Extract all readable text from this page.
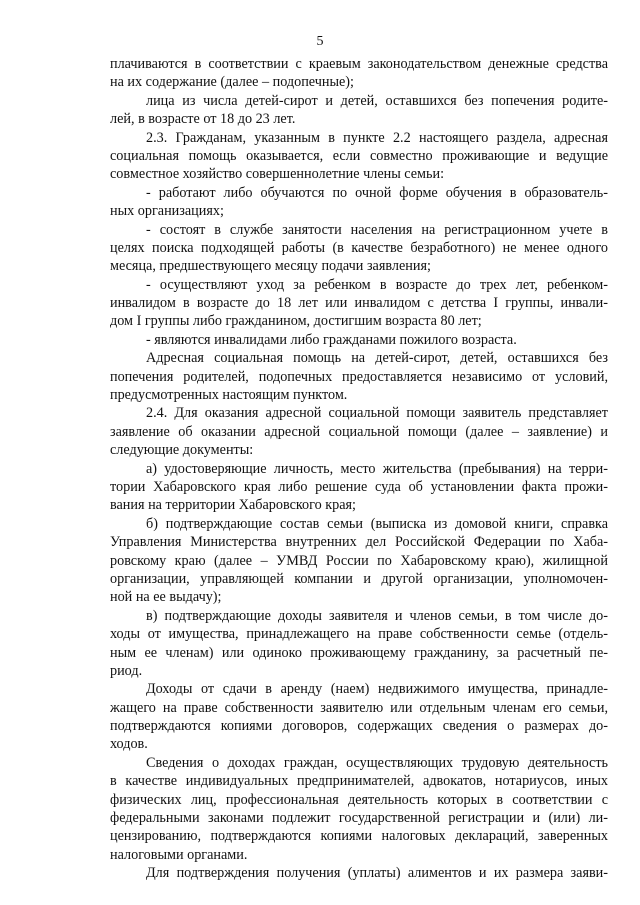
5
плачиваются в соответствии с краевым законодательством денежные средства
на их содержание (далее – подопечные);
лица из числа детей-сирот и детей, оставшихся без попечения родите-
лей, в возрасте от 18 до 23 лет.
2.3. Гражданам, указанным в пункте 2.2 настоящего раздела, адресная
социальная помощь оказывается, если совместно проживающие и ведущие
совместное хозяйство совершеннолетние члены семьи:
- работают либо обучаются по очной форме обучения в образователь-
ных организациях;
- состоят в службе занятости населения на регистрационном учете в
целях поиска подходящей работы (в качестве безработного) не менее одного
месяца, предшествующего месяцу подачи заявления;
- осуществляют уход за ребенком в возрасте до трех лет, ребенком-
инвалидом в возрасте до 18 лет или инвалидом с детства I группы, инвали-
дом I группы либо гражданином, достигшим возраста 80 лет;
- являются инвалидами либо гражданами пожилого возраста.
Адресная социальная помощь на детей-сирот, детей, оставшихся без
попечения родителей, подопечных предоставляется независимо от условий,
предусмотренных настоящим пунктом.
2.4. Для оказания адресной социальной помощи заявитель представляет
заявление об оказании адресной социальной помощи (далее – заявление) и
следующие документы:
а) удостоверяющие личность, место жительства (пребывания) на терри-
тории Хабаровского края либо решение суда об установлении факта прожи-
вания на территории Хабаровского края;
б) подтверждающие состав семьи (выписка из домовой книги, справка
Управления Министерства внутренних дел Российской Федерации по Хаба-
ровскому краю (далее – УМВД России по Хабаровскому краю), жилищной
организации, управляющей компании и другой организации, уполномочен-
ной на ее выдачу);
в) подтверждающие доходы заявителя и членов семьи, в том числе до-
ходы от имущества, принадлежащего на праве собственности семье (отдель-
ным ее членам) или одиноко проживающему гражданину, за расчетный пе-
риод.
Доходы от сдачи в аренду (наем) недвижимого имущества, принадле-
жащего на праве собственности заявителю или отдельным членам его семьи,
подтверждаются копиями договоров, содержащих сведения о размерах до-
ходов.
Сведения о доходах граждан, осуществляющих трудовую деятельность
в качестве индивидуальных предпринимателей, адвокатов, нотариусов, иных
физических лиц, профессиональная деятельность которых в соответствии с
федеральными законами подлежит государственной регистрации и (или) ли-
цензированию, подтверждаются копиями налоговых деклараций, заверенных
налоговыми органами.
Для подтверждения получения (уплаты) алиментов и их размера заяви-
